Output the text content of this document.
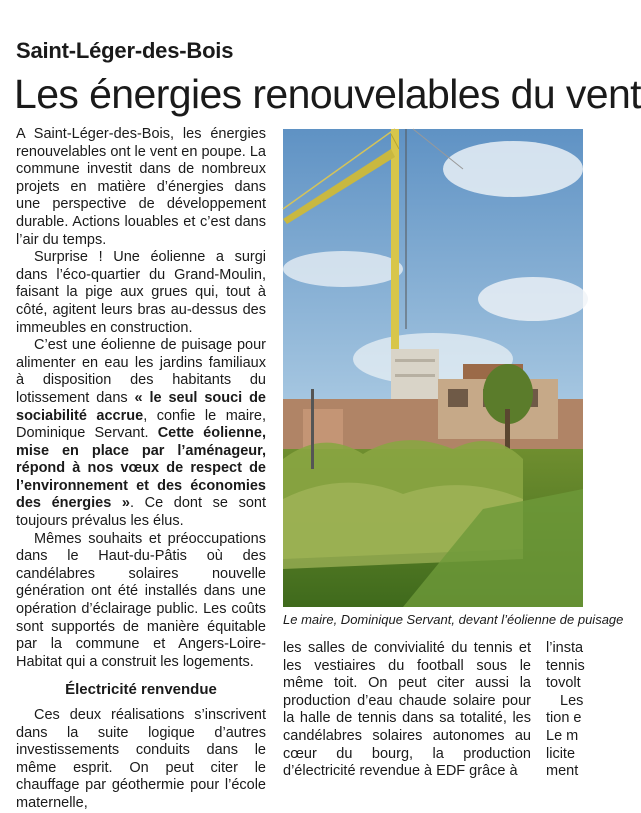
Saint-Léger-des-Bois
Les énergies renouvelables du vent

A Saint-Léger-des-Bois, les énergies renouvelables ont le vent en poupe. La commune investit dans de nombreux projets en matière d’énergies dans une perspective de développement durable. Actions louables et c’est dans l’air du temps.

Surprise ! Une éolienne a surgi dans l’éco-quartier du Grand-Moulin, faisant la pige aux grues qui, tout à côté, agitent leurs bras au-dessus des immeubles en construction.

C’est une éolienne de puisage pour alimenter en eau les jardins familiaux à disposition des habitants du lotissement dans « le seul souci de sociabilité accrue, confie le maire, Dominique Servant. Cette éolienne, mise en place par l’aménageur, répond à nos vœux de respect de l’environnement et des économies des énergies ». Ce dont se sont toujours prévalus les élus.

Mêmes souhaits et préoccupations dans le Haut-du-Pâtis où des candélabres solaires nouvelle génération ont été installés dans une opération d’éclairage public. Les coûts sont supportés de manière équitable par la commune et Angers-Loire-Habitat qui a construit les logements.

Électricité renvendue

Ces deux réalisations s’inscrivent dans la suite logique d’autres investissements conduits dans le même esprit. On peut citer le chauffage par géothermie pour l’école maternelle,

Le maire, Dominique Servant, devant l’éolienne de puisage

les salles de convivialité du tennis et les vestiaires du football sous le même toit. On peut citer aussi la production d’eau chaude solaire pour la halle de tennis dans sa totalité, les candélabres solaires autonomes au cœur du bourg, la production d’électricité revendue à EDF grâce à

l’insta
tennis
tovolt
Les
tion e
Le m
licite
ment
